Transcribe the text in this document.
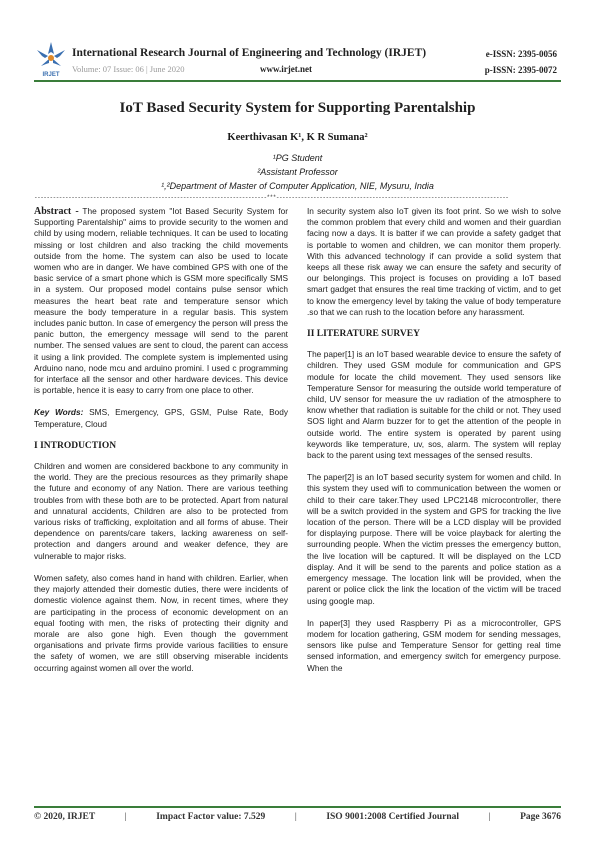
IRJET
International Research Journal of Engineering and Technology (IRJET)
Volume: 07 Issue: 06 | June 2020	www.irjet.net
e-ISSN: 2395-0056
p-ISSN: 2395-0072
IoT Based Security System for Supporting Parentalship
Keerthivasan K¹, K R Sumana²
¹PG Student
²Assistant Professor
¹,²Department of Master of Computer Application, NIE, Mysuru, India
---------------------------------------------------------------------------***---------------------------------------------------------------------------

Abstract - The proposed system "Iot Based Security System for Supporting Parentalship" aims to provide security to the women and child by using modern, reliable techniques. It can be used to locating missing or lost children and also tracking the child movements outside from the home. The system can also be used to locate women who are in danger. We have combined GPS with one of the basic service of a smart phone which is GSM more specifically SMS in a system. Our proposed model contains pulse sensor which measures the heart beat rate and temperature sensor which measure the body temperature in a regular basis. This system includes panic button. In case of emergency the person will press the panic button, the emergency message will send to the parent number. The sensed values are sent to cloud, the parent can access it using a link provided. The complete system is implemented using Arduino nano, node mcu and arduino promini. I used c programming for interface all the sensor and other hardware devices. This device is portable, hence it is easy to carry from one place to other.

Key Words: SMS, Emergency, GPS, GSM, Pulse Rate, Body Temperature, Cloud

I INTRODUCTION

Children and women are considered backbone to any community in the world. They are the precious resources as they primarily shape the future and economy of any Nation. There are various teething troubles from with these both are to be protected. Apart from natural and unnatural accidents, Children are also to be protected from various risks of trafficking, exploitation and all forms of abuse. Their dependence on parents/care takers, lacking awareness on self-protection and dangers around and weaker defence, they are vulnerable to major risks.

Women safety, also comes hand in hand with children. Earlier, when they majorly attended their domestic duties, there were incidents of domestic violence against them. Now, in recent times, where they are participating in the process of economic development on an equal footing with men, the risks of protecting their dignity and morale are also gone high. Even though the government organisations and private firms provide various facilities to ensure the safety of women, we are still observing miserable incidents occurring against women all over the world.

In security system also IoT given its foot print. So we wish to solve the common problem that every child and women and their guardian facing now a days. It is batter if we can provide a safety gadget that is portable to women and children, we can monitor them properly. With this advanced technology if can provide a solid system that keeps all these risk away we can ensure the safety and security of our belongings. This project is focuses on providing a IoT based smart gadget that ensures the real time tracking of victim, and to get to know the emergency level by taking the value of body temperature .so that we can rush to the location before any harassment.

II LITERATURE SURVEY

The paper[1] is an IoT based wearable device to ensure the safety of children. They used GSM module for communication and GPS module for locate the child movement. They used sensors like Temperature Sensor for measuring the outside world temperature of child, UV sensor for measure the uv radiation of the atmosphere to know whether that radiation is suitable for the child or not. They used SOS light and Alarm buzzer for to get the attention of the people in outside world. The entire system is operated by parent using keywords like temperature, uv, sos, alarm. The system will replay back to the parent using text messages of the sensed results.

The paper[2] is an IoT based security system for women and child. In this system they used wifi to communication between the women or child to their care taker.They used LPC2148 microcontroller, there will be a switch provided in the system and GPS for tracking the live location of the person. There will be a LCD display will be provided for displaying purpose. There will be voice playback for alerting the surrounding people. When the victim presses the emergency button, the live location will be captured. It will be displayed on the LCD display. And it will be send to the parents and police station as a emergency message. The location link will be provided, when the parent or police click the link the location of the victim will be traced using google map.

In paper[3] they used Raspberry Pi as a microcontroller, GPS modem for location gathering, GSM modem for sending messages, sensors like pulse and Temperature Sensor for getting real time sensed information, and emergency switch for emergency purpose. When the

© 2020, IRJET	|	Impact Factor value: 7.529	|	ISO 9001:2008 Certified Journal	|	Page 3676
